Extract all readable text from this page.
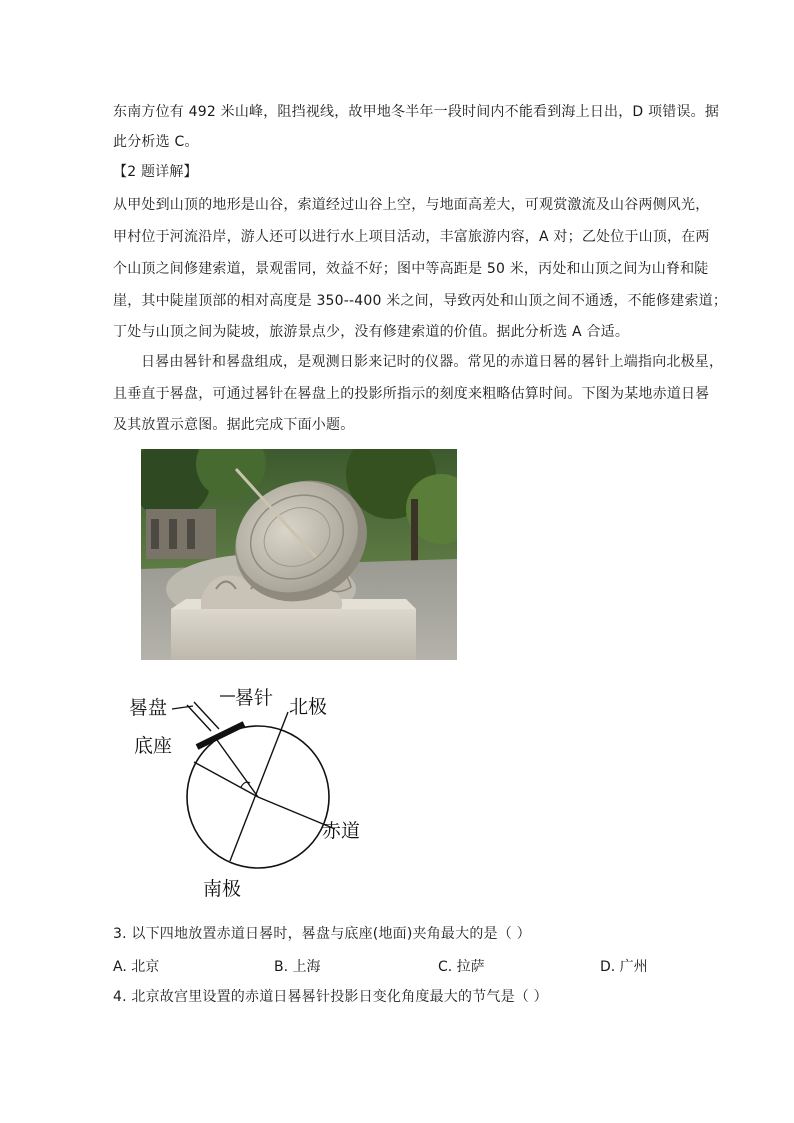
东南方位有 492 米山峰，阻挡视线，故甲地冬半年一段时间内不能看到海上日出，D 项错误。据
此分析选 C。
【2 题详解】
从甲处到山顶的地形是山谷，索道经过山谷上空，与地面高差大，可观赏激流及山谷两侧风光，
甲村位于河流沿岸，游人还可以进行水上项目活动，丰富旅游内容，A 对；乙处位于山顶，在两
个山顶之间修建索道，景观雷同，效益不好；图中等高距是 50 米，丙处和山顶之间为山脊和陡
崖，其中陡崖顶部的相对高度是 350--400 米之间，导致丙处和山顶之间不通透，不能修建索道；
丁处与山顶之间为陡坡，旅游景点少，没有修建索道的价值。据此分析选 A 合适。
日晷由晷针和晷盘组成，是观测日影来记时的仪器。常见的赤道日晷的晷针上端指向北极星，
且垂直于晷盘，可通过晷针在晷盘上的投影所指示的刻度来粗略估算时间。下图为某地赤道日晷
及其放置示意图。据此完成下面小题。
晷盘	晷针
底座
北极
赤道
南极
3. 以下四地放置赤道日晷时，晷盘与底座(地面)夹角最大的是（ ）
A. 北京	B. 上海	C. 拉萨	D. 广州
4. 北京故宫里设置的赤道日晷晷针投影日变化角度最大的节气是（ ）
